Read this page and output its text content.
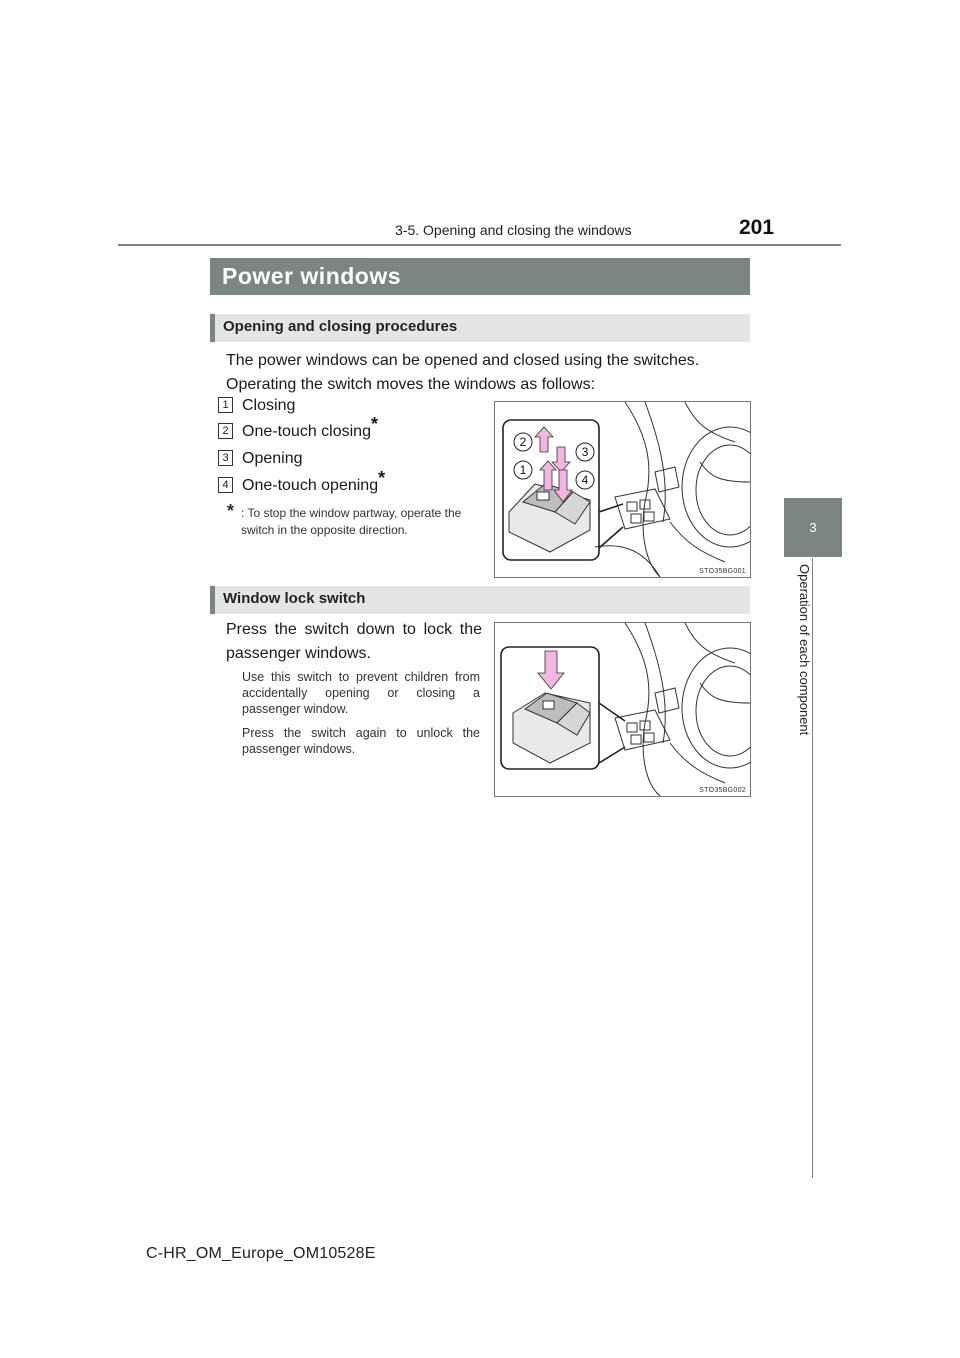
3-5. Opening and closing the windows	201
3
Operation of each component
Power windows
Opening and closing procedures
The power windows can be opened and closed using the switches.
Operating the switch moves the windows as follows:
1 Closing
2 One-touch closing*
3 Opening
4 One-touch opening*
* : To stop the window partway, operate the switch in the opposite direction.
2
3
1
4
STO35BG001
Window lock switch
Press the switch down to lock the passenger windows.
Use this switch to prevent children from accidentally opening or closing a passenger window.
Press the switch again to unlock the passenger windows.
STO35BG002
C-HR_OM_Europe_OM10528E
